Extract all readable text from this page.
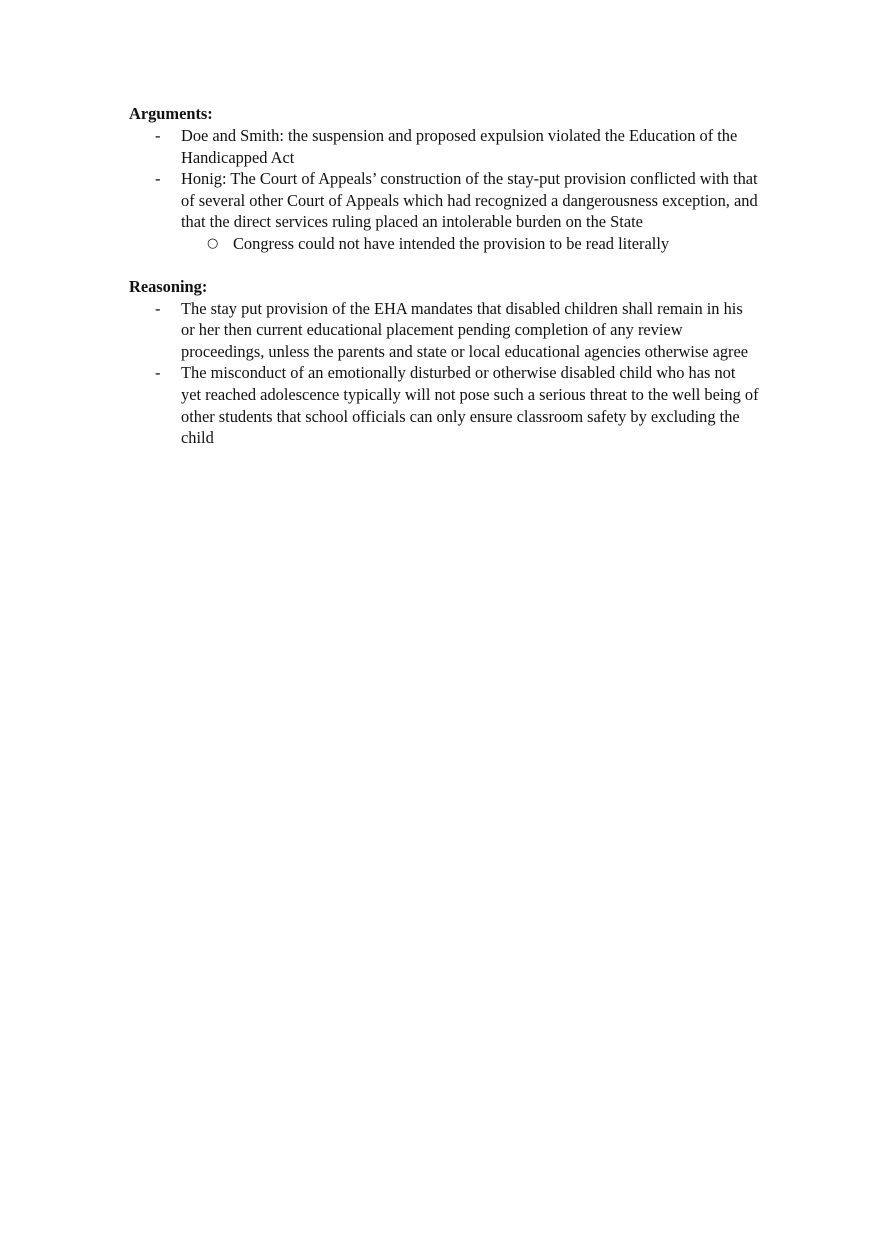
Arguments:
- Doe and Smith: the suspension and proposed expulsion violated the Education of the Handicapped Act
- Honig: The Court of Appeals’ construction of the stay-put provision conflicted with that of several other Court of Appeals which had recognized a dangerousness exception, and that the direct services ruling placed an intolerable burden on the State
○ Congress could not have intended the provision to be read literally
Reasoning:
- The stay put provision of the EHA mandates that disabled children shall remain in his or her then current educational placement pending completion of any review proceedings, unless the parents and state or local educational agencies otherwise agree
- The misconduct of an emotionally disturbed or otherwise disabled child who has not yet reached adolescence typically will not pose such a serious threat to the well being of other students that school officials can only ensure classroom safety by excluding the child
